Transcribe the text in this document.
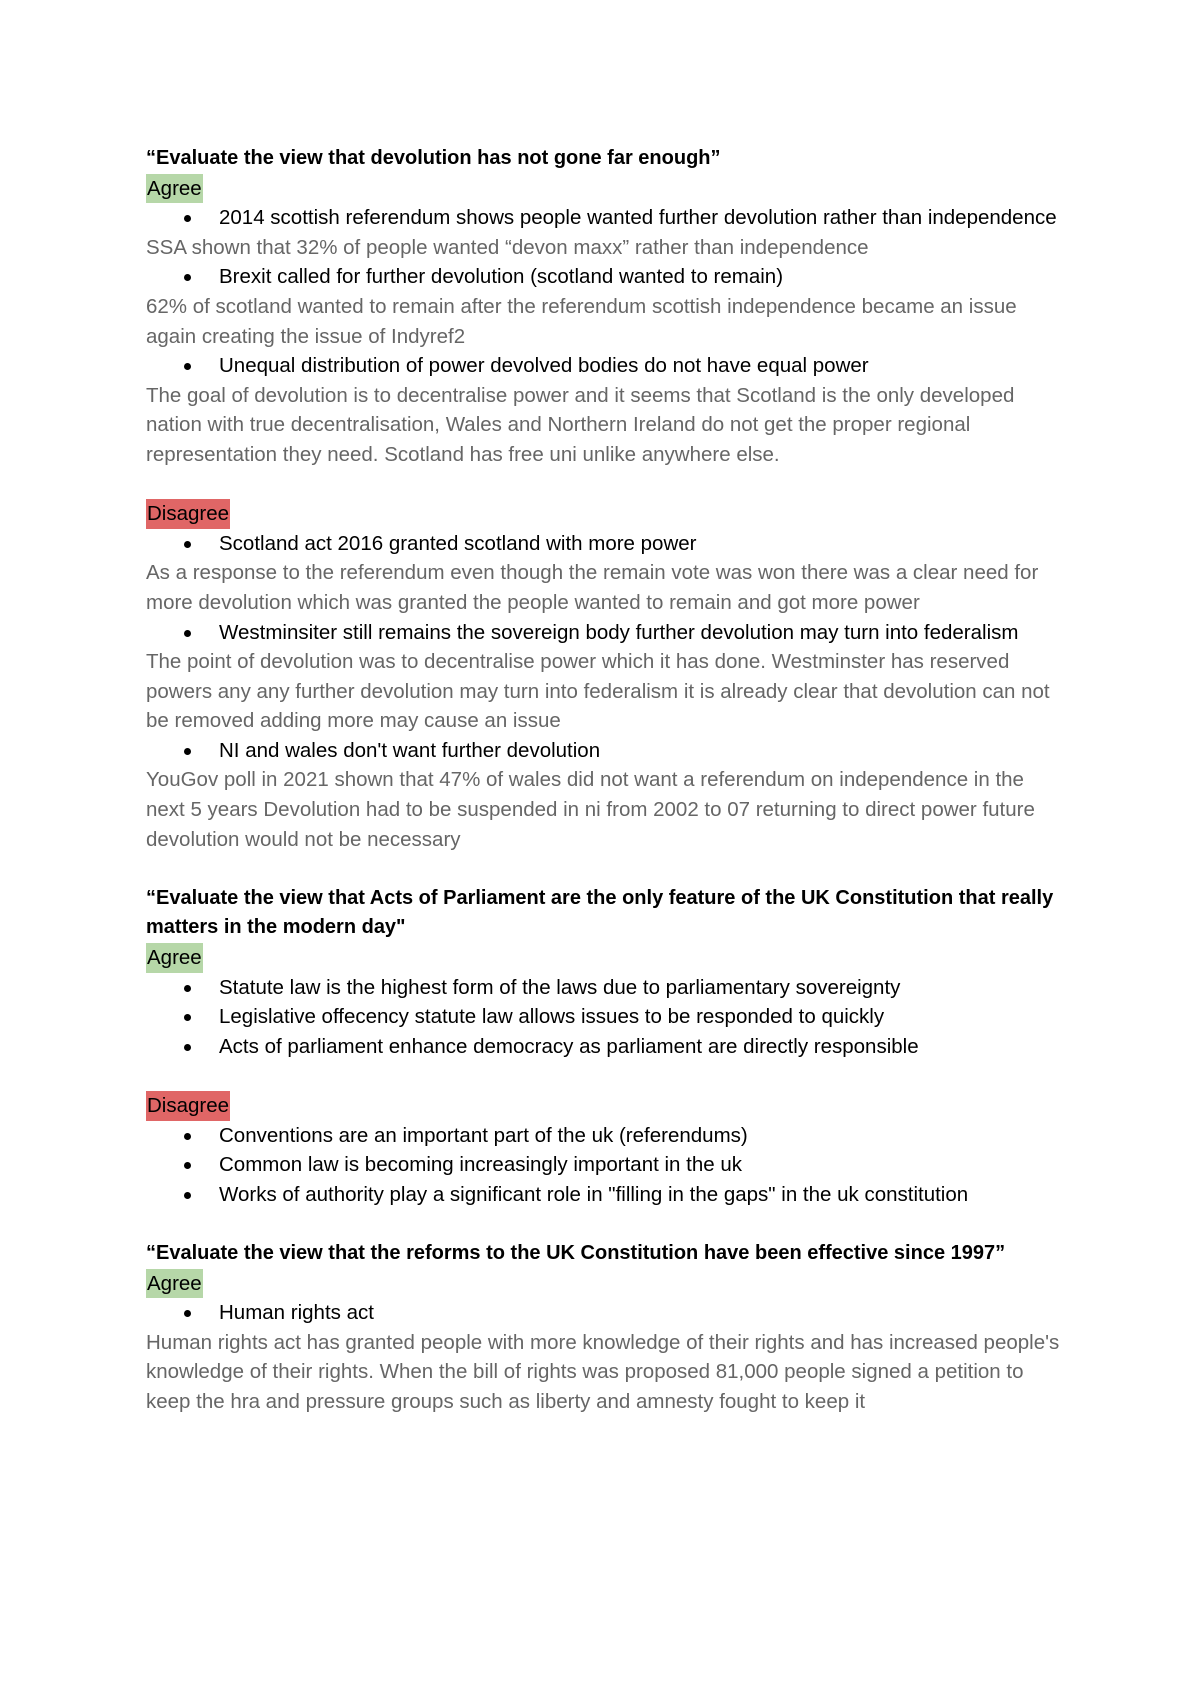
“Evaluate the view that devolution has not gone far enough”
Agree
2014 scottish referendum shows people wanted further devolution rather than independence

SSA shown that 32% of people wanted “devon maxx” rather than independence

Brexit called for further devolution (scotland wanted to remain)

62% of scotland wanted to remain after the referendum scottish independence became an issue again creating the issue of Indyref2

Unequal distribution of power devolved bodies do not have equal power

The goal of devolution is to decentralise power and it seems that Scotland is the only developed nation with true decentralisation, Wales and Northern Ireland do not get the proper regional representation they need. Scotland has free uni unlike anywhere else.

Disagree
Scotland act 2016 granted scotland with more power

As a response to the referendum even though the remain vote was won there was a clear need for more devolution which was granted the people wanted to remain and got more power

Westminsiter still remains the sovereign body further devolution may turn into federalism

The point of devolution was to decentralise power which it has done. Westminster has reserved powers any any further devolution may turn into federalism it is already clear that devolution can not be removed adding more may cause an issue

NI and wales don't want further devolution

YouGov poll in 2021 shown that 47% of wales did not want a referendum on independence in the next 5 years Devolution had to be suspended in ni from 2002 to 07 returning to direct power future devolution would not be necessary

“Evaluate the view that Acts of Parliament are the only feature of the UK Constitution that really matters in the modern day"
Agree
Statute law is the highest form of the laws due to parliamentary sovereignty
Legislative offecency statute law allows issues to be responded to quickly
Acts of parliament enhance democracy as parliament are directly responsible
Disagree
Conventions are an important part of the uk (referendums)
Common law is becoming increasingly important in the uk
Works of authority play a significant role in "filling in the gaps" in the uk constitution
“Evaluate the view that the reforms to the UK Constitution have been effective since 1997”
Agree
Human rights act

Human rights act has granted people with more knowledge of their rights and has increased people's knowledge of their rights. When the bill of rights was proposed 81,000 people signed a petition to keep the hra and pressure groups such as liberty and amnesty fought to keep it
